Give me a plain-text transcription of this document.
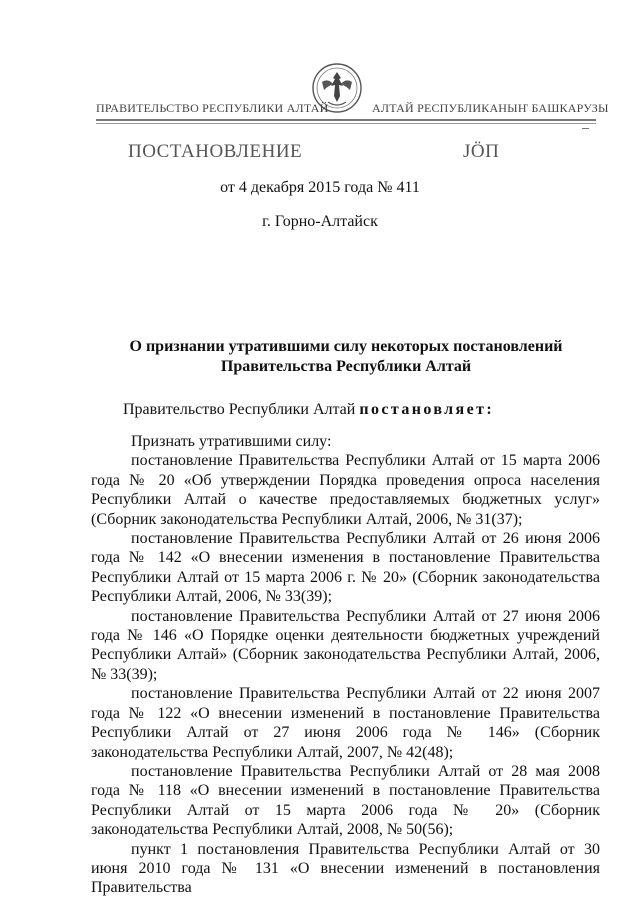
ПРАВИТЕЛЬСТВО РЕСПУБЛИКИ АЛТАЙ	АЛТАЙ РЕСПУБЛИКАНЫҤ БАШКАРУЗЫ
ПОСТАНОВЛЕНИЕ	ЈӦП
от 4 декабря 2015 года № 411
г. Горно-Алтайск
О признании утратившими силу некоторых постановлений
Правительства Республики Алтай
Правительство Республики Алтай постановляет:

Признать утратившими силу:

постановление Правительства Республики Алтай от 15 марта 2006 года № 20 «Об утверждении Порядка проведения опроса населения Республики Алтай о качестве предоставляемых бюджетных услуг» (Сборник законодательства Республики Алтай, 2006, № 31(37);

постановление Правительства Республики Алтай от 26 июня 2006 года № 142 «О внесении изменения в постановление Правительства Республики Алтай от 15 марта 2006 г. № 20» (Сборник законодательства Республики Алтай, 2006, № 33(39);

постановление Правительства Республики Алтай от 27 июня 2006 года № 146 «О Порядке оценки деятельности бюджетных учреждений Республики Алтай» (Сборник законодательства Республики Алтай, 2006, № 33(39);

постановление Правительства Республики Алтай от 22 июня 2007 года № 122 «О внесении изменений в постановление Правительства Республики Алтай от 27 июня 2006 года № 146» (Сборник законодательства Республики Алтай, 2007, № 42(48);

постановление Правительства Республики Алтай от 28 мая 2008 года № 118 «О внесении изменений в постановление Правительства Республики Алтай от 15 марта 2006 года № 20» (Сборник законодательства Республики Алтай, 2008, № 50(56);

пункт 1 постановления Правительства Республики Алтай от 30 июня 2010 года № 131 «О внесении изменений в постановления Правительства
